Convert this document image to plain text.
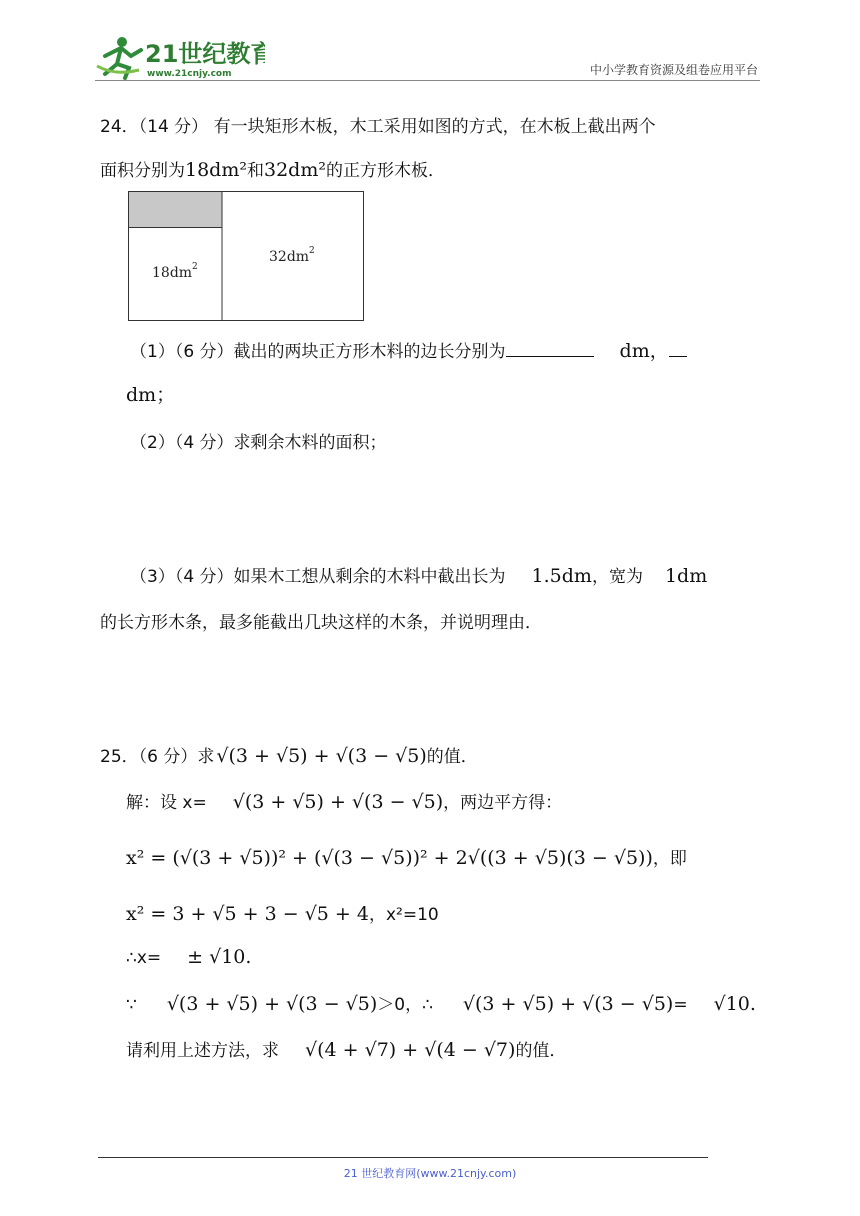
21世纪教育
www.21cnjy.com	中小学教育资源及组卷应用平台
24．（14 分） 有一块矩形木板，木工采用如图的方式，在木板上截出两个
面积分别为18dm²和32dm²的正方形木板．
18dm 2
32dm 2
（1）（6 分）截出的两块正方形木料的边长分别为	dm，
dm；
（2）（4 分）求剩余木料的面积；
（3）（4 分）如果木工想从剩余的木料中截出长为 1.5dm，宽为 1dm
的长方形木条，最多能截出几块这样的木条，并说明理由．
25．（6 分）求 √(3 + √5) + √(3 − √5)的值．
解：设 x= √(3 + √5) + √(3 − √5)，两边平方得：
x² = (√(3 + √5))² + (√(3 − √5))² + 2√((3 + √5)(3 − √5))，即
x² = 3 + √5 + 3 − √5 + 4，x²=10
∴x= ± √10.
∵ √(3 + √5) + √(3 − √5)＞0，∴ √(3 + √5) + √(3 − √5)= √10.
请利用上述方法，求 √(4 + √7) + √(4 − √7)的值．
21 世纪教育网(www.21cnjy.com)
